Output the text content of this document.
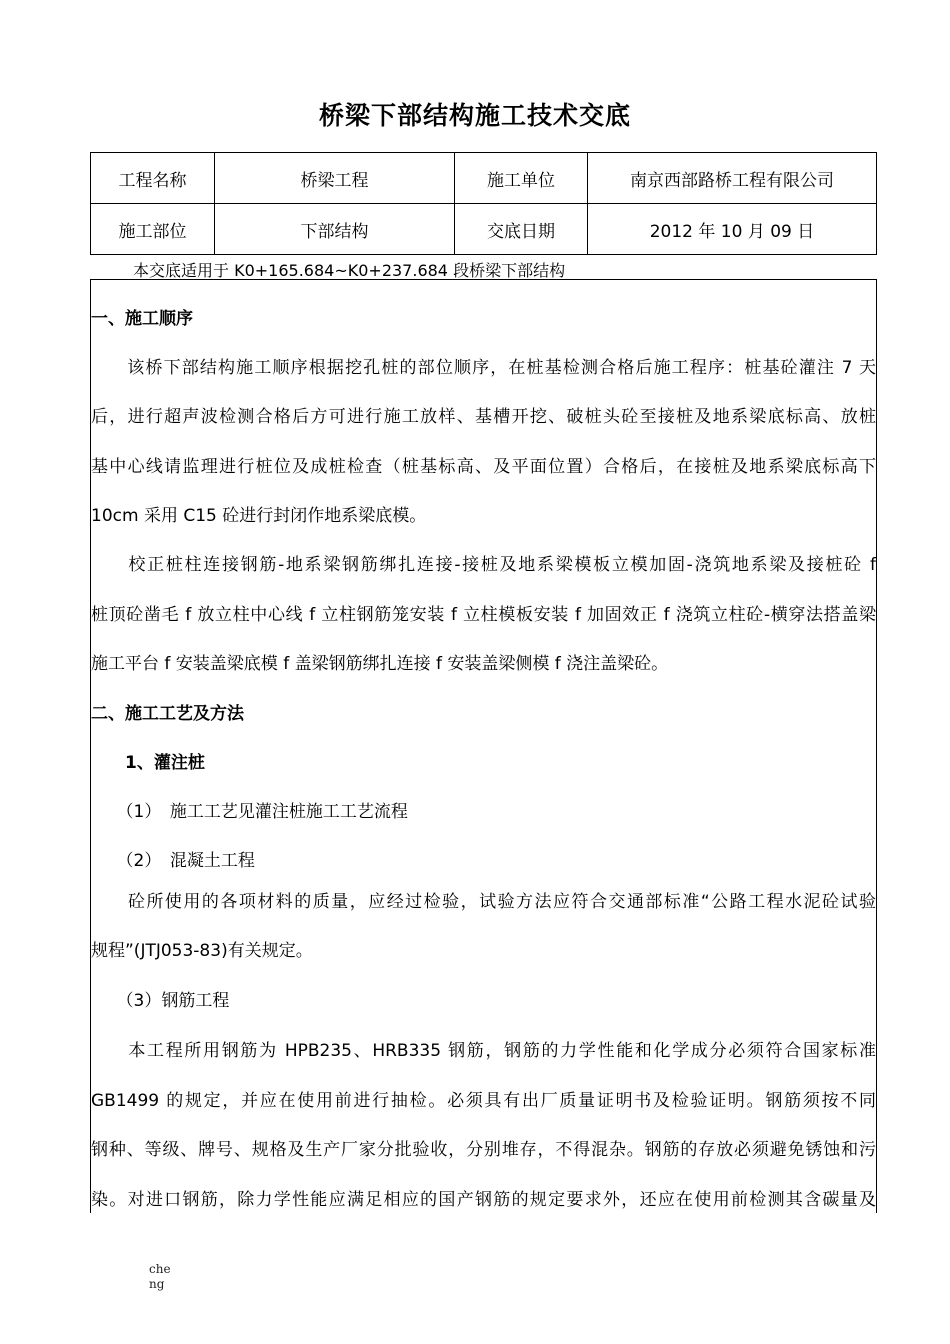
桥梁下部结构施工技术交底
工程名称	桥梁工程	施工单位	南京西部路桥工程有限公司
施工部位	下部结构	交底日期	2012 年 10 月 09 日
本交底适用于 K0+165.684~K0+237.684 段桥梁下部结构
一、施工顺序
　　该桥下部结构施工顺序根据挖孔桩的部位顺序，在桩基检测合格后施工程序：桩基砼灌注 7 天
后，进行超声波检测合格后方可进行施工放样、基槽开挖、破桩头砼至接桩及地系梁底标高、放桩
基中心线请监理进行桩位及成桩检查（桩基标高、及平面位置）合格后，在接桩及地系梁底标高下
10cm 采用 C15 砼进行封闭作地系梁底模。
　　校正桩柱连接钢筋-地系梁钢筋绑扎连接-接桩及地系梁模板立模加固-浇筑地系梁及接桩砼 f
桩顶砼凿毛 f 放立柱中心线 f 立柱钢筋笼安装 f 立柱模板安装 f 加固效正 f 浇筑立柱砼-横穿法搭盖梁
施工平台 f 安装盖梁底模 f 盖梁钢筋绑扎连接 f 安装盖梁侧模 f 浇注盖梁砼。
二、施工工艺及方法
　　1、灌注桩
　　（1）　施工工艺见灌注桩施工工艺流程
　　（2）　混凝土工程
　　砼所使用的各项材料的质量，应经过检验，试验方法应符合交通部标准“公路工程水泥砼试验
规程”(JTJ053-83)有关规定。
　　（3）钢筋工程
　　本工程所用钢筋为 HPB235、HRB335 钢筋，钢筋的力学性能和化学成分必须符合国家标准
GB1499 的规定，并应在使用前进行抽检。必须具有出厂质量证明书及检验证明。钢筋须按不同
钢种、等级、牌号、规格及生产厂家分批验收，分别堆存，不得混杂。钢筋的存放必须避免锈蚀和污
染。对进口钢筋，除力学性能应满足相应的国产钢筋的规定要求外，还应在使用前检测其含碳量及
che ng
